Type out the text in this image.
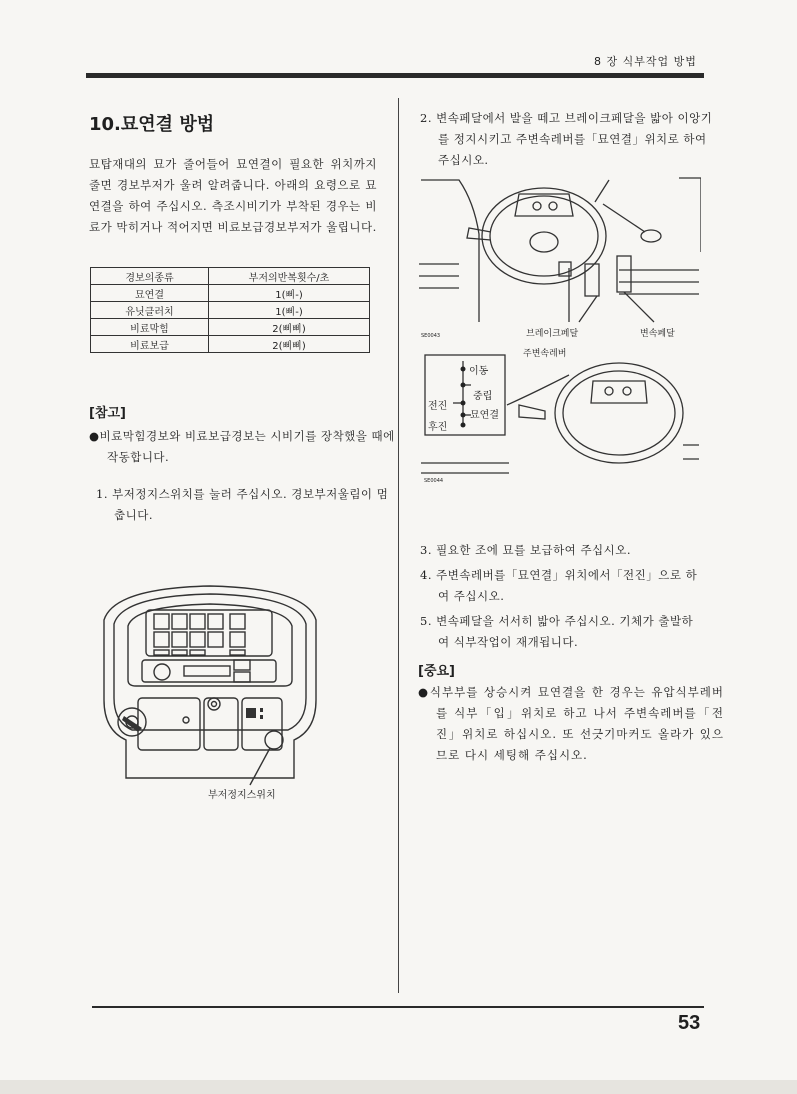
8 장 식부작업 방법
10.묘연결 방법
묘탑재대의 묘가 줄어들어 묘연결이 필요한 위치까지 줄면 경보부저가 울려 알려줍니다. 아래의 요령으로 묘연결을 하여 주십시오. 측조시비기가 부착된 경우는 비료가 막히거나 적어지면 비료보급경보부저가 울립니다.
경보의종류	부저의반복횟수/초
묘연결	1(삐-)
유닛클러치	1(삐-)
비료막힘	2(삐삐)
비료보급	2(삐삐)
[참고]
●비료막힘경보와 비료보급경보는 시비기를 장착했을 때에 작동합니다.
1. 부저정지스위치를 눌러 주십시오. 경보부저울림이 멈춥니다.
부저정지스위치
2. 변속페달에서 발을 떼고 브레이크페달을 밟아 이앙기를 정지시키고 주변속레버를「묘연결」위치로 하여 주십시오.
브레이크페달	변속페달
SE0043
주변속레버
이동
중립
묘연결
전진
후진
SE0044
3. 필요한 조에 묘를 보급하여 주십시오.
4. 주변속레버를「묘연결」위치에서「전진」으로 하여 주십시오.
5. 변속페달을 서서히 밟아 주십시오. 기체가 출발하여 식부작업이 재개됩니다.
[중요]
●식부부를 상승시켜 묘연결을 한 경우는 유압식부레버를 식부「입」위치로 하고 나서 주변속레버를「전진」위치로 하십시오. 또 선긋기마커도 올라가 있으므로 다시 세팅해 주십시오.
53
